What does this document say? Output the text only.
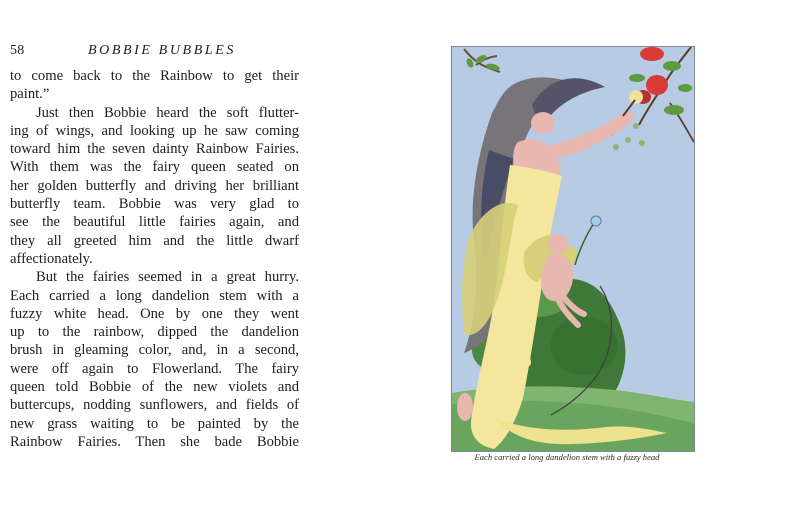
58	BOBBIE BUBBLES
to come back to the Rainbow to get their
paint.”
Just then Bobbie heard the soft flutter-
ing of wings, and looking up he saw coming
toward him the seven dainty Rainbow Fairies.
With them was the fairy queen seated on
her golden butterfly and driving her brilliant
butterfly team. Bobbie was very glad to
see the beautiful little fairies again, and
they all greeted him and the little dwarf
affectionately.
But the fairies seemed in a great hurry.
Each carried a long dandelion stem with a
fuzzy white head. One by one they went
up to the rainbow, dipped the dandelion
brush in gleaming color, and, in a second,
were off again to Flowerland. The fairy
queen told Bobbie of the new violets and
buttercups, nodding sunflowers, and fields of
new grass waiting to be painted by the
Rainbow Fairies. Then she bade Bobbie
Each carried a long dandelion stem with a fuzzy head
